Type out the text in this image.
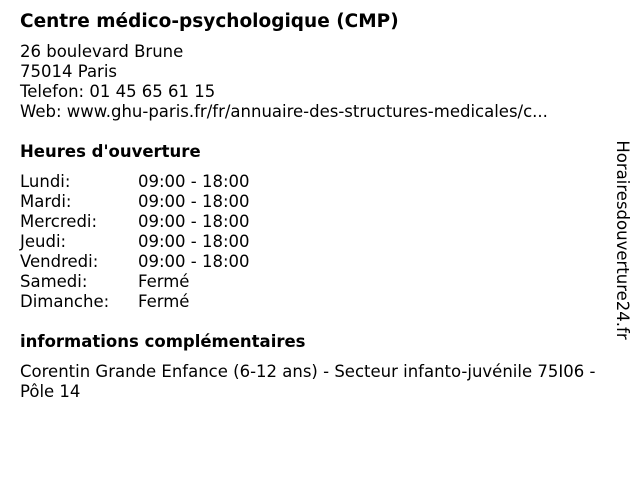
Centre médico-psychologique (CMP)
26 boulevard Brune
75014 Paris
Telefon: 01 45 65 61 15
Web: www.ghu-paris.fr/fr/annuaire-des-structures-medicales/c...
Heures d'ouverture
Lundi:	09:00 - 18:00
Mardi:	09:00 - 18:00
Mercredi:	09:00 - 18:00
Jeudi:	09:00 - 18:00
Vendredi:	09:00 - 18:00
Samedi:	Fermé
Dimanche:	Fermé
informations complémentaires
Corentin Grande Enfance (6-12 ans) - Secteur infanto-juvénile 75I06 - Pôle 14
Horairesdouverture24.fr
